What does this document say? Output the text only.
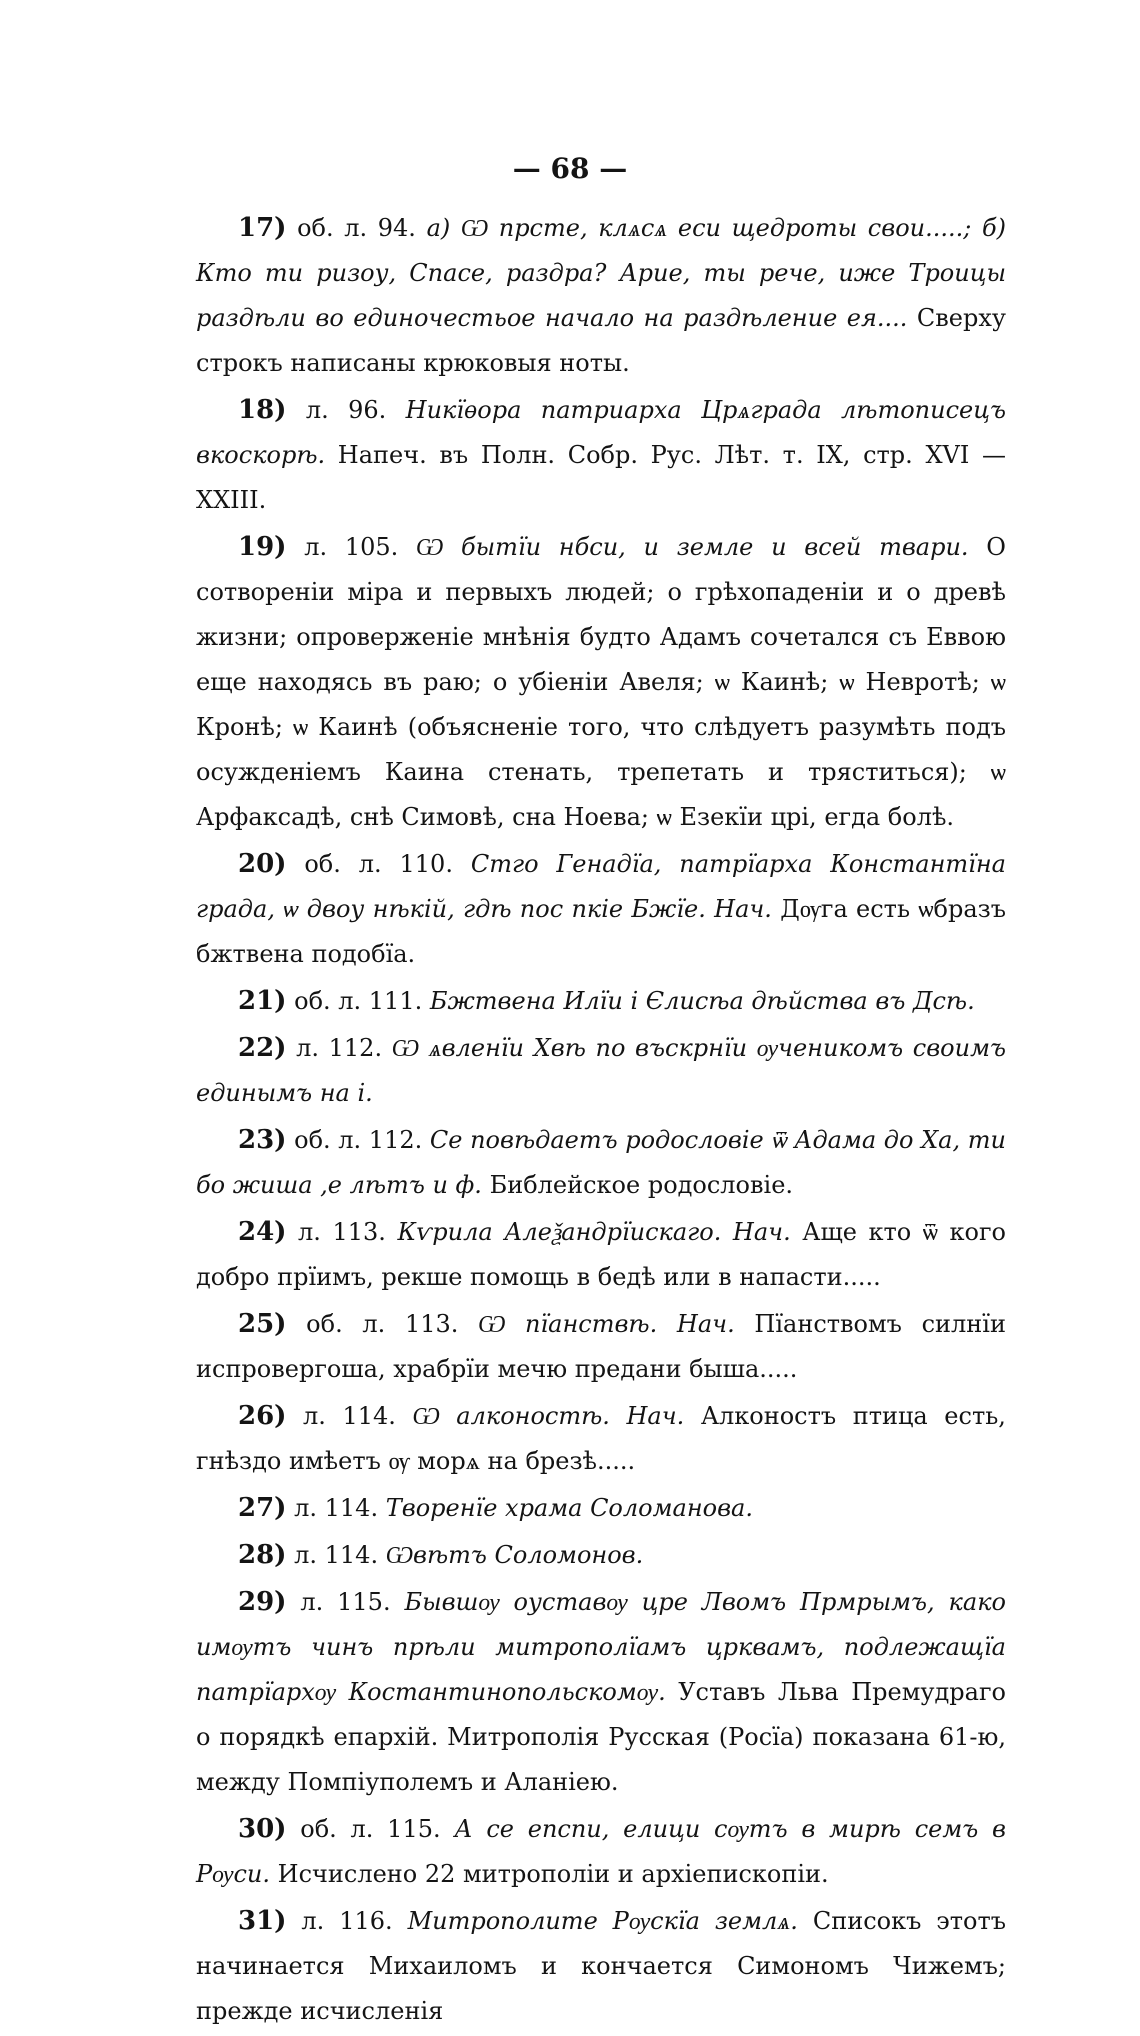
— 68 —

17) об. л. 94. а) Ѡ прсте, клѧсѧ еси щедроты свои.....; б) Кто ти ризоу, Спасе, раздра? Арие, ты рече, иже Троицы раздѣли во единочестьое начало на раздѣление ея.... Сверху строкъ написаны крюковыя ноты.

18) л. 96. Никїѳора патриарха Црѧграда лѣтописецъ вкоскорѣ. Напеч. въ Полн. Собр. Рус. Лѣт. т. IX, стр. XVI — XXIII.

19) л. 105. Ѡ бытїи нбси, и земле и всей твари. О сотвореніи міра и первыхъ людей; о грѣхопаденіи и о древѣ жизни; опроверженіе мнѣнія будто Адамъ сочетался съ Еввою еще находясь въ раю; о убіеніи Авеля; ѡ Каинѣ; ѡ Невротѣ; ѡ Кронѣ; ѡ Каинѣ (объясненіе того, что слѣдуетъ разумѣть подъ осужденіемъ Каина стенать, трепетать и тряститься); ѡ Арфаксадѣ, снѣ Симовѣ, сна Ноева; ѡ Езекїи црі, егда болѣ.

20) об. л. 110. Стго Генадїа, патрїарха Константїна града, ѡ двоу нѣкій, гдѣ пос пкіе Бжїе. Нач. Дѹга есть ѡбразъ бжтвена подобїа.

21) об. л. 111. Бжтвена Илїи і Єлисѣа дѣйства въ Дсѣ.

22) л. 112. Ѡ ѧвленїи Хвѣ по въскрнїи ѹченикомъ своимъ единымъ на і.

23) об. л. 112. Се повѣдаетъ родословіе ѿ Адама до Ха, ти бо жиша ,е лѣтъ и ф. Библейское родословіе.

24) л. 113. Кѵрила Алеѯандрїискаго. Нач. Аще кто ѿ кого добро прїимъ, рекше помощь в бедѣ или в напасти.....

25) об. л. 113. Ѡ пїанствѣ. Нач. Пїанствомъ силнїи испровергоша, храбрїи мечю предани быша.....

26) л. 114. Ѡ алконостѣ. Нач. Алконостъ птица есть, гнѣздо имѣетъ ѹ морѧ на брезѣ.....

27) л. 114. Творенїе храма Соломанова.

28) л. 114. Ѡвѣтъ Соломонов.

29) л. 115. Бывшѹ оуставѹ цре Лвомъ Прмрымъ, како имѹтъ чинъ прѣли митрополїамъ црквамъ, подлежащїа патрїархѹ Костантинопольскомѹ. Уставъ Льва Премудраго о порядкѣ епархій. Митрополія Русская (Росїа) показана 61-ю, между Помпіуполемъ и Аланіею.

30) об. л. 115. А се епспи, елици сѹтъ в мирѣ семъ в Рѹси. Исчислено 22 митрополіи и архіепископіи.

31) л. 116. Митрополите Рѹскїа землѧ. Списокъ этотъ начинается Михаиломъ и кончается Симономъ Чижемъ; прежде исчисленія
